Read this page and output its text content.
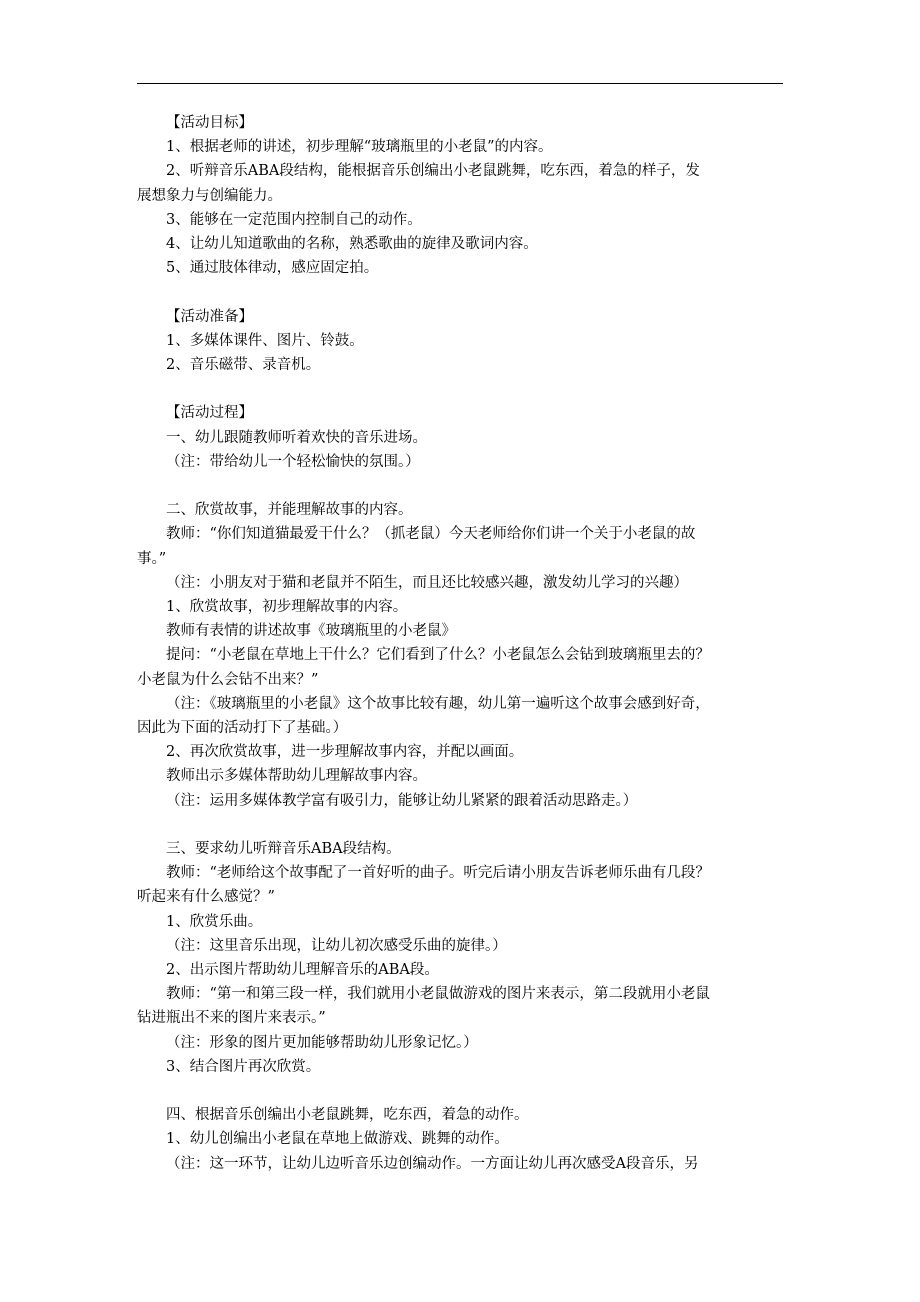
【活动目标】

1、根据老师的讲述，初步理解“玻璃瓶里的小老鼠”的内容。

2、听辩音乐ABA段结构，能根据音乐创编出小老鼠跳舞，吃东西，着急的样子，发

展想象力与创编能力。

3、能够在一定范围内控制自己的动作。

4、让幼儿知道歌曲的名称，熟悉歌曲的旋律及歌词内容。

5、通过肢体律动，感应固定拍。

【活动准备】

1、多媒体课件、图片、铃鼓。

2、音乐磁带、录音机。

【活动过程】

一、幼儿跟随教师听着欢快的音乐进场。

（注：带给幼儿一个轻松愉快的氛围。）

二、欣赏故事，并能理解故事的内容。

教师：“你们知道猫最爱干什么？（抓老鼠）今天老师给你们讲一个关于小老鼠的故

事。”

（注：小朋友对于猫和老鼠并不陌生，而且还比较感兴趣，激发幼儿学习的兴趣）

1、欣赏故事，初步理解故事的内容。

教师有表情的讲述故事《玻璃瓶里的小老鼠》

提问：“小老鼠在草地上干什么？它们看到了什么？小老鼠怎么会钻到玻璃瓶里去的？

小老鼠为什么会钻不出来？”

（注：《玻璃瓶里的小老鼠》这个故事比较有趣，幼儿第一遍听这个故事会感到好奇，

因此为下面的活动打下了基础。）

2、再次欣赏故事，进一步理解故事内容，并配以画面。

教师出示多媒体帮助幼儿理解故事内容。

（注：运用多媒体教学富有吸引力，能够让幼儿紧紧的跟着活动思路走。）

三、要求幼儿听辩音乐ABA段结构。

教师：“老师给这个故事配了一首好听的曲子。听完后请小朋友告诉老师乐曲有几段？

听起来有什么感觉？”

1、欣赏乐曲。

（注：这里音乐出现，让幼儿初次感受乐曲的旋律。）

2、出示图片帮助幼儿理解音乐的ABA段。

教师：“第一和第三段一样，我们就用小老鼠做游戏的图片来表示，第二段就用小老鼠

钻进瓶出不来的图片来表示。”

（注：形象的图片更加能够帮助幼儿形象记忆。）

3、结合图片再次欣赏。

四、根据音乐创编出小老鼠跳舞，吃东西，着急的动作。

1、幼儿创编出小老鼠在草地上做游戏、跳舞的动作。

（注：这一环节，让幼儿边听音乐边创编动作。一方面让幼儿再次感受A段音乐，另
